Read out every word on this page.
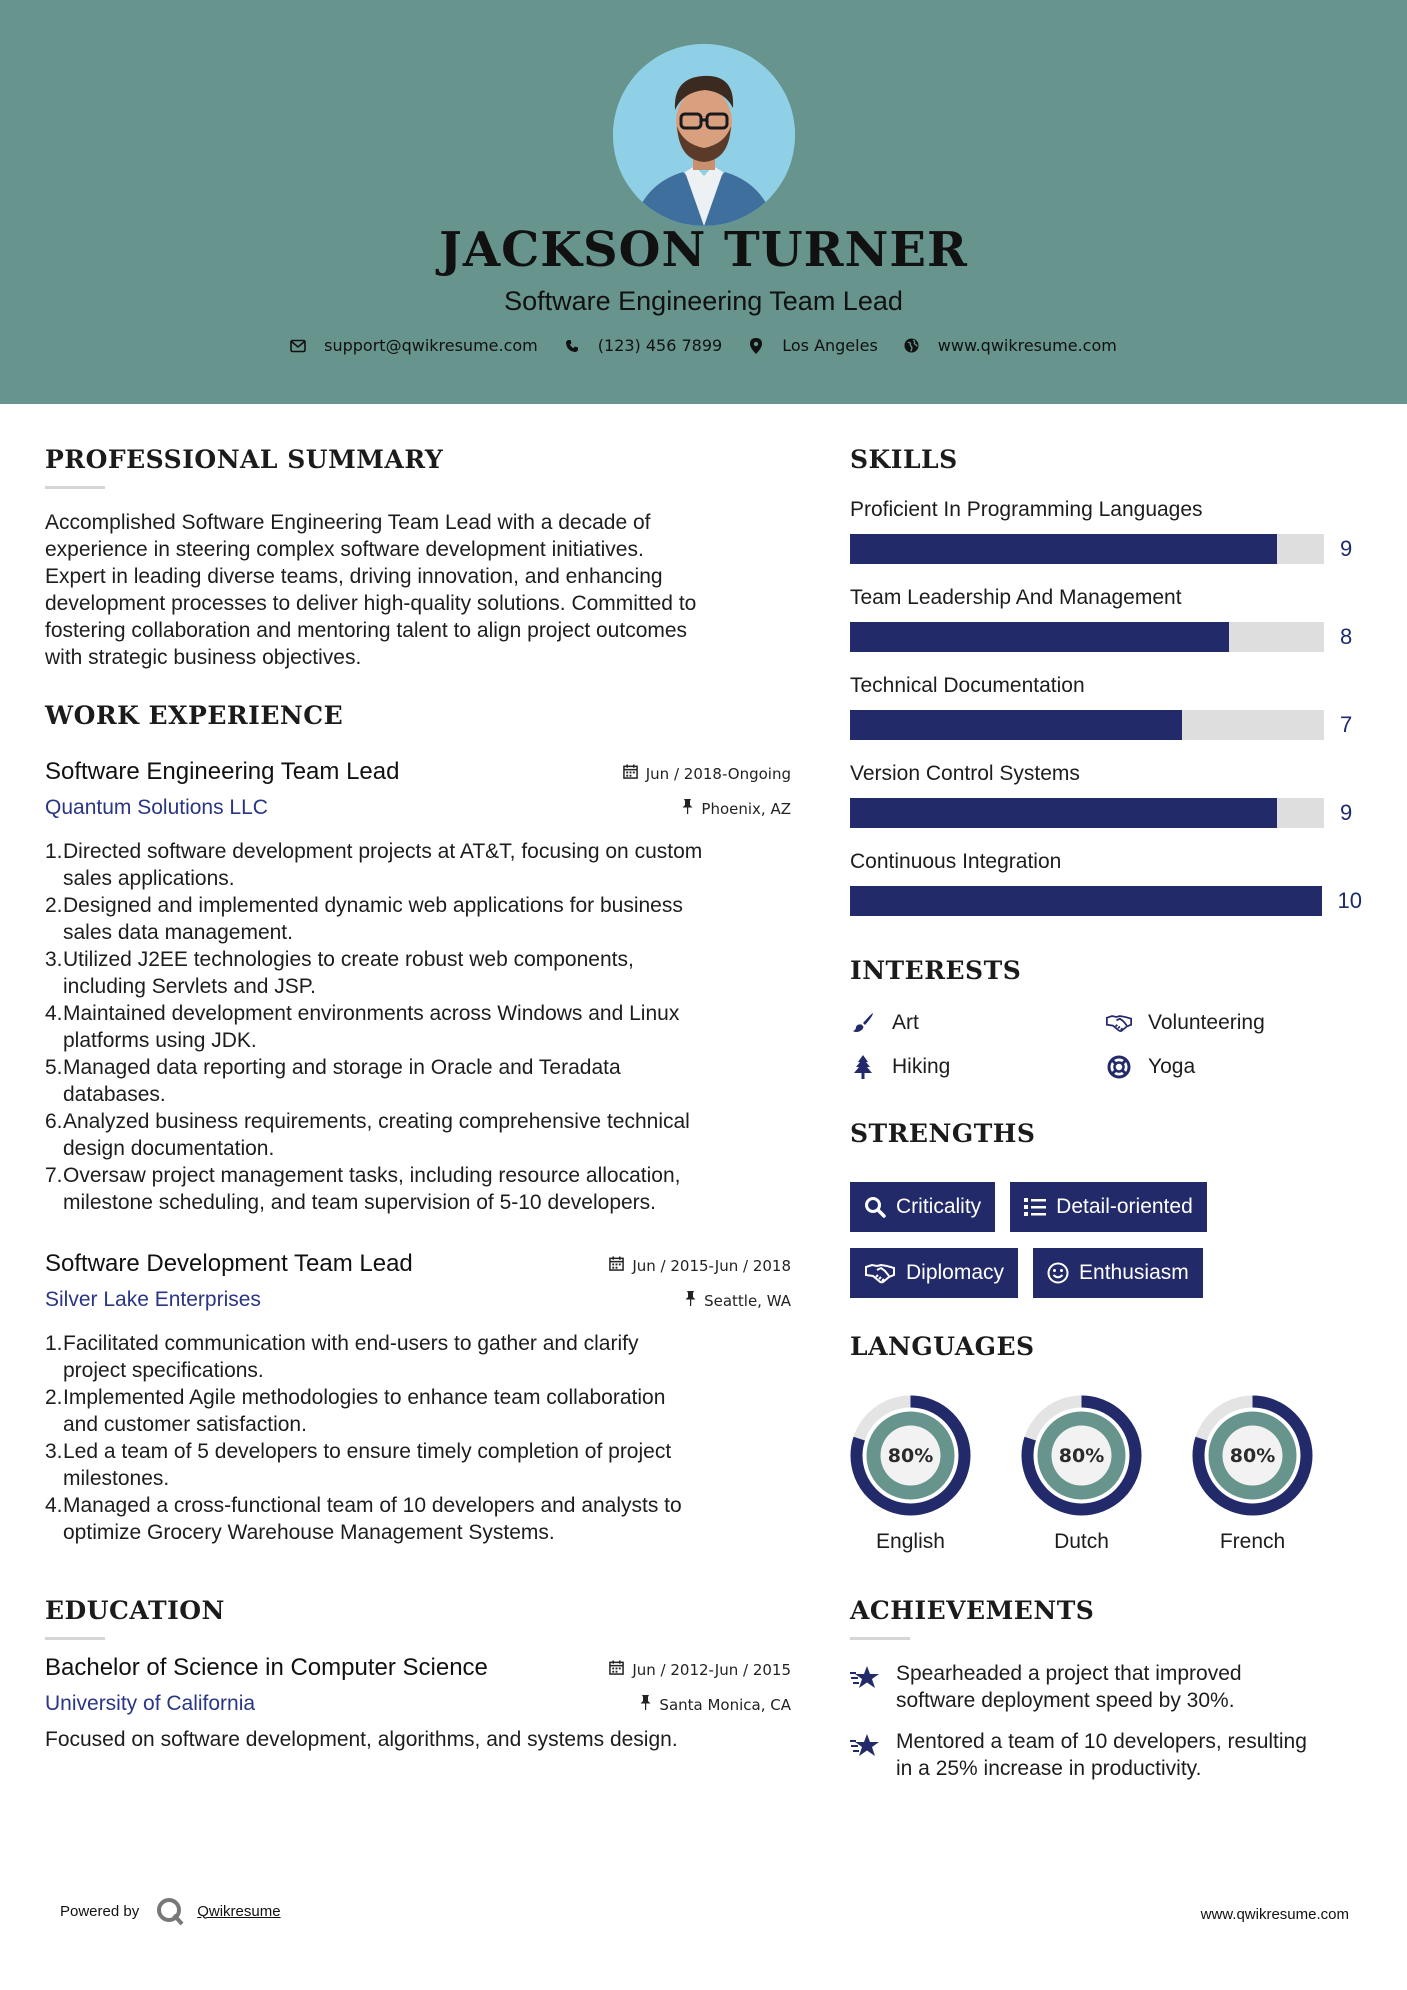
JACKSON TURNER
Software Engineering Team Lead
support@qwikresume.com	(123) 456 7899	Los Angeles	www.qwikresume.com
PROFESSIONAL SUMMARY
Accomplished Software Engineering Team Lead with a decade of
experience in steering complex software development initiatives.
Expert in leading diverse teams, driving innovation, and enhancing
development processes to deliver high-quality solutions. Committed to
fostering collaboration and mentoring talent to align project outcomes
with strategic business objectives.
WORK EXPERIENCE
Software Engineering Team Lead	Jun / 2018-Ongoing
Quantum Solutions LLC	Phoenix, AZ
1. Directed software development projects at AT&T, focusing on custom
sales applications.
2. Designed and implemented dynamic web applications for business
sales data management.
3. Utilized J2EE technologies to create robust web components,
including Servlets and JSP.
4. Maintained development environments across Windows and Linux
platforms using JDK.
5. Managed data reporting and storage in Oracle and Teradata
databases.
6. Analyzed business requirements, creating comprehensive technical
design documentation.
7. Oversaw project management tasks, including resource allocation,
milestone scheduling, and team supervision of 5-10 developers.
Software Development Team Lead	Jun / 2015-Jun / 2018
Silver Lake Enterprises	Seattle, WA
1. Facilitated communication with end-users to gather and clarify
project specifications.
2. Implemented Agile methodologies to enhance team collaboration
and customer satisfaction.
3. Led a team of 5 developers to ensure timely completion of project
milestones.
4. Managed a cross-functional team of 10 developers and analysts to
optimize Grocery Warehouse Management Systems.
EDUCATION
Bachelor of Science in Computer Science	Jun / 2012-Jun / 2015
University of California	Santa Monica, CA
Focused on software development, algorithms, and systems design.
SKILLS
Proficient In Programming Languages
9
Team Leadership And Management
8
Technical Documentation
7
Version Control Systems
9
Continuous Integration
10
INTERESTS
Art	Volunteering
Hiking	Yoga
STRENGTHS
Criticality	Detail-oriented
Diplomacy	Enthusiasm
LANGUAGES
80%
English
80%
Dutch
80%
French
ACHIEVEMENTS
Spearheaded a project that improved
software deployment speed by 30%.
Mentored a team of 10 developers, resulting
in a 25% increase in productivity.
Powered by	Qwikresume	www.qwikresume.com
